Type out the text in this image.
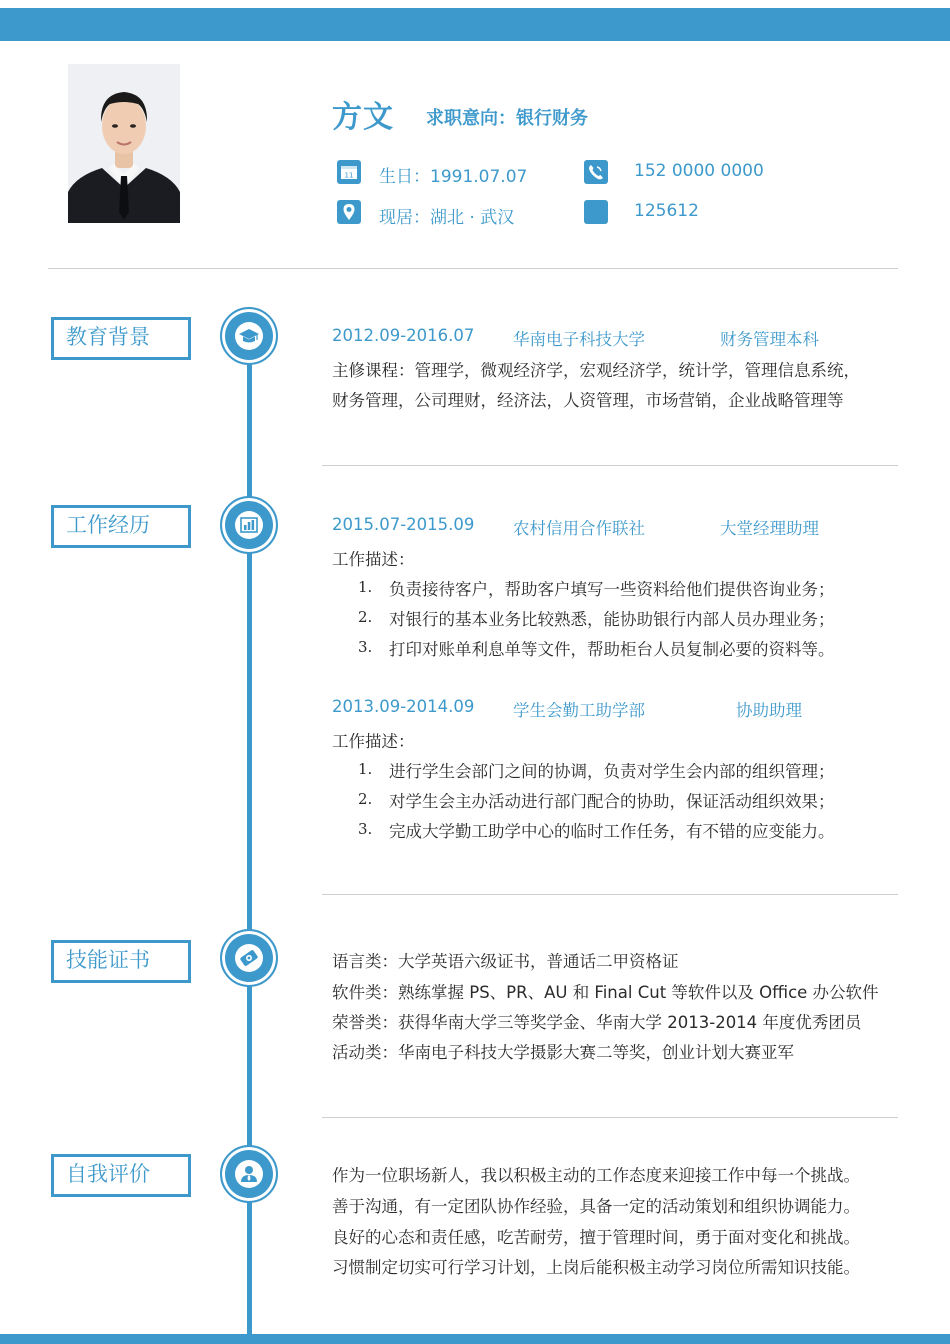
方文 求职意向：银行财务
11 生日：1991.07.07	152 0000 0000
现居：湖北 · 武汉	125612
教育背景	2012.09-2016.07 华南电子科技大学	财务管理本科
主修课程：管理学，微观经济学，宏观经济学，统计学，管理信息系统，
财务管理，公司理财，经济法，人资管理，市场营销，企业战略管理等
工作经历	2015.07-2015.09 农村信用合作联社	大堂经理助理
工作描述：
1. 负责接待客户，帮助客户填写一些资料给他们提供咨询业务；
2. 对银行的基本业务比较熟悉，能协助银行内部人员办理业务；
3. 打印对账单利息单等文件，帮助柜台人员复制必要的资料等。
2013.09-2014.09 学生会勤工助学部	协助助理
工作描述：
1. 进行学生会部门之间的协调，负责对学生会内部的组织管理；
2. 对学生会主办活动进行部门配合的协助，保证活动组织效果；
3. 完成大学勤工助学中心的临时工作任务，有不错的应变能力。
技能证书	语言类：大学英语六级证书，普通话二甲资格证
软件类：熟练掌握 PS、PR、AU 和 Final Cut 等软件以及 Office 办公软件
荣誉类：获得华南大学三等奖学金、华南大学 2013-2014 年度优秀团员
活动类：华南电子科技大学摄影大赛二等奖，创业计划大赛亚军
自我评价	作为一位职场新人，我以积极主动的工作态度来迎接工作中每一个挑战。
善于沟通，有一定团队协作经验，具备一定的活动策划和组织协调能力。
良好的心态和责任感，吃苦耐劳，擅于管理时间，勇于面对变化和挑战。
习惯制定切实可行学习计划，上岗后能积极主动学习岗位所需知识技能。
